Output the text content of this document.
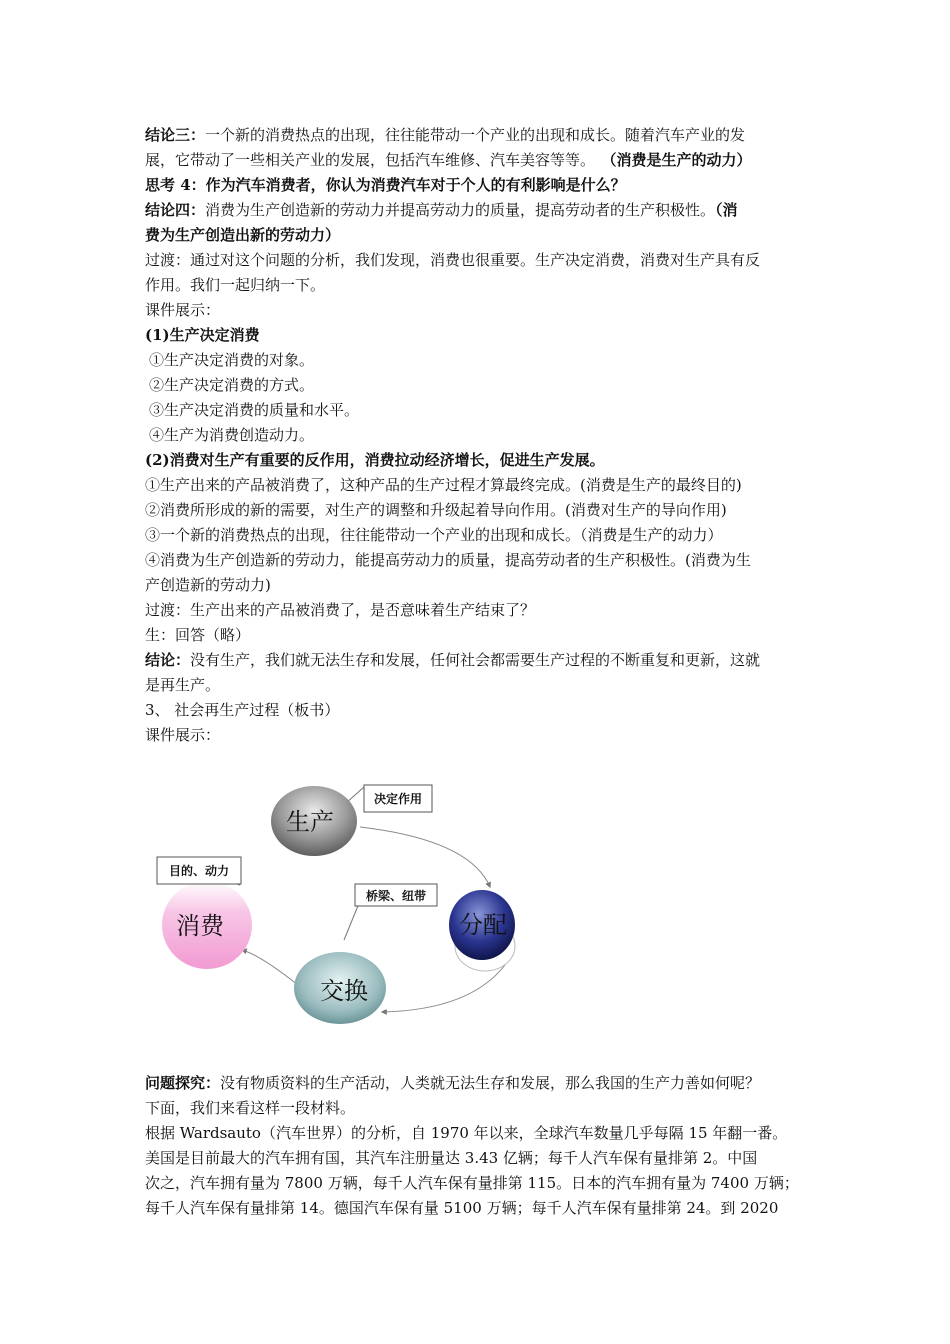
结论三：一个新的消费热点的出现，往往能带动一个产业的出现和成长。随着汽车产业的发
展，它带动了一些相关产业的发展，包括汽车维修、汽车美容等等。 （消费是生产的动力）
思考 4：作为汽车消费者，你认为消费汽车对于个人的有利影响是什么？
结论四：消费为生产创造新的劳动力并提高劳动力的质量，提高劳动者的生产积极性。（消
费为生产创造出新的劳动力）
过渡：通过对这个问题的分析，我们发现，消费也很重要。生产决定消费，消费对生产具有反
作用。我们一起归纳一下。
课件展示：
(1)生产决定消费
①生产决定消费的对象。
②生产决定消费的方式。
③生产决定消费的质量和水平。
④生产为消费创造动力。
(2)消费对生产有重要的反作用，消费拉动经济增长，促进生产发展。
①生产出来的产品被消费了，这种产品的生产过程才算最终完成。(消费是生产的最终目的)
②消费所形成的新的需要，对生产的调整和升级起着导向作用。(消费对生产的导向作用)
③一个新的消费热点的出现，往往能带动一个产业的出现和成长。（消费是生产的动力）
④消费为生产创造新的劳动力，能提高劳动力的质量，提高劳动者的生产积极性。(消费为生
产创造新的劳动力)
过渡：生产出来的产品被消费了，是否意味着生产结束了？
生：回答（略）
结论：没有生产，我们就无法生存和发展，任何社会都需要生产过程的不断重复和更新，这就
是再生产。
3、 社会再生产过程（板书）
课件展示：
生产
分配
交换
消费
决定作用
桥梁、纽带
目的、动力
问题探究：没有物质资料的生产活动，人类就无法生存和发展，那么我国的生产力善如何呢？
下面，我们来看这样一段材料。
根据 Wardsauto（汽车世界）的分析，自 1970 年以来，全球汽车数量几乎每隔 15 年翻一番。
美国是目前最大的汽车拥有国，其汽车注册量达 3.43 亿辆；每千人汽车保有量排第 2。中国
次之，汽车拥有量为 7800 万辆，每千人汽车保有量排第 115。日本的汽车拥有量为 7400 万辆；
每千人汽车保有量排第 14。德国汽车保有量 5100 万辆；每千人汽车保有量排第 24。到 2020
